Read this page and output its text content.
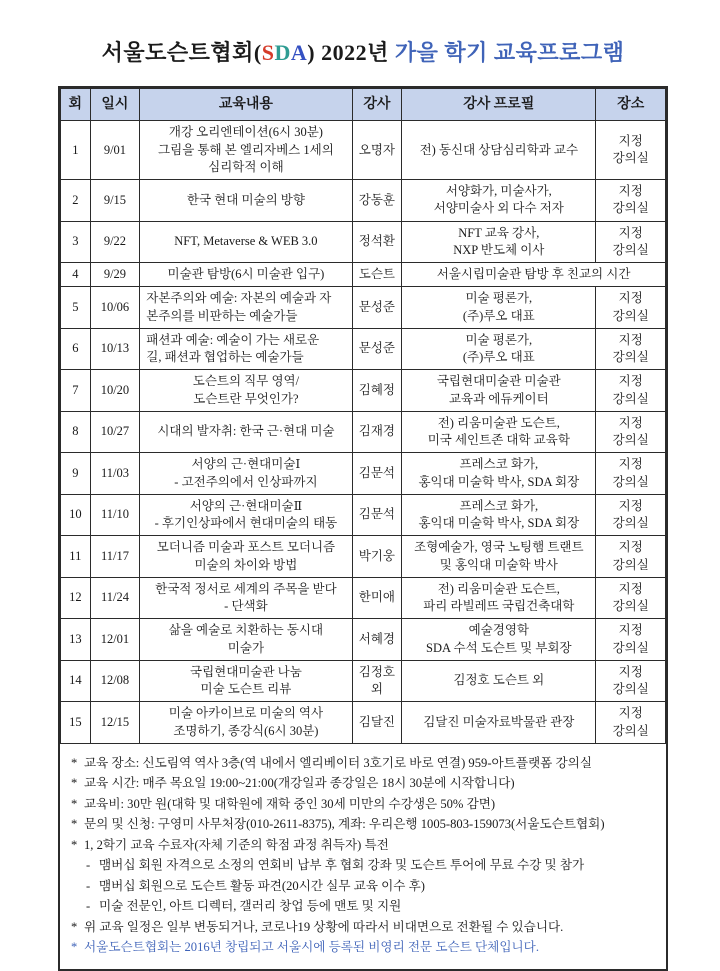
서울도슨트협회(SDA) 2022년 가을 학기 교육프로그램
회	일시	교육내용	강사	강사 프로필	장소

1	9/01	개강 오리엔테이션(6시 30분)
그림을 통해 본 엘리자베스 1세의
심리학적 이해	오명자	전) 동신대 상담심리학과 교수	지정
강의실

2	9/15	한국 현대 미술의 방향	강동훈	서양화가, 미술사가,
서양미술사 외 다수 저자	지정
강의실

3	9/22	NFT, Metaverse & WEB 3.0	정석환	NFT 교육 강사,
NXP 반도체 이사	지정
강의실

4	9/29	미술관 탐방(6시 미술관 입구)	도슨트	서울시립미술관 탐방 후 친교의 시간	

5	10/06	자본주의와 예술: 자본의 예술과 자
본주의를 비판하는 예술가들	문성준	미술 평론가,
(주)루오 대표	지정
강의실

6	10/13	패션과 예술: 예술이 가는 새로운
길, 패션과 협업하는 예술가들	문성준	미술 평론가,
(주)루오 대표	지정
강의실

7	10/20	도슨트의 직무 영역/
도슨트란 무엇인가?	김혜정	국립현대미술관 미술관
교육과 에듀케이터	지정
강의실

8	10/27	시대의 발자취: 한국 근·현대 미술	김재경	전) 리움미술관 도슨트,
미국 세인트존 대학 교육학	지정
강의실

9	11/03	서양의 근·현대미술Ⅰ
- 고전주의에서 인상파까지	김문석	프레스코 화가,
홍익대 미술학 박사, SDA 회장	지정
강의실

10	11/10	서양의 근·현대미술Ⅱ
- 후기인상파에서 현대미술의 태동	김문석	프레스코 화가,
홍익대 미술학 박사, SDA 회장	지정
강의실

11	11/17	모더니즘 미술과 포스트 모더니즘
미술의 차이와 방법	박기웅	조형예술가, 영국 노팅햄 트랜트
및 홍익대 미술학 박사	지정
강의실

12	11/24	한국적 정서로 세계의 주목을 받다
- 단색화	한미애	전) 리움미술관 도슨트,
파리 라빌레뜨 국립건축대학	지정
강의실

13	12/01	삶을 예술로 치환하는 동시대
미술가	서혜경	예술경영학
SDA 수석 도슨트 및 부회장	지정
강의실

14	12/08	국립현대미술관 나눔
미술 도슨트 리뷰	김정호
외	김정호 도슨트 외	지정
강의실

15	12/15	미술 아카이브로 미술의 역사
조명하기, 종강식(6시 30분)	김달진	김달진 미술자료박물관 관장	지정
강의실
* 교육 장소: 신도림역 역사 3층(역 내에서 엘리베이터 3호기로 바로 연결) 959-아트플랫폼 강의실
* 교육 시간: 매주 목요일 19:00~21:00(개강일과 종강일은 18시 30분에 시작합니다)
* 교육비: 30만 원(대학 및 대학원에 재학 중인 30세 미만의 수강생은 50% 감면)
* 문의 및 신청: 구영미 사무처장(010-2611-8375), 계좌: 우리은행 1005-803-159073(서울도슨트협회)
* 1, 2학기 교육 수료자(자체 기준의 학점 과정 취득자) 특전
- 맴버십 회원 자격으로 소정의 연회비 납부 후 협회 강좌 및 도슨트 투어에 무료 수강 및 참가
- 맴버십 회원으로 도슨트 활동 파견(20시간 실무 교육 이수 후)
- 미술 전문인, 아트 디렉터, 갤러리 창업 등에 맨토 및 지원
* 위 교육 일정은 일부 변동되거나, 코로나19 상황에 따라서 비대면으로 전환될 수 있습니다.
* 서울도슨트협회는 2016년 창립되고 서울시에 등록된 비영리 전문 도슨트 단체입니다.
